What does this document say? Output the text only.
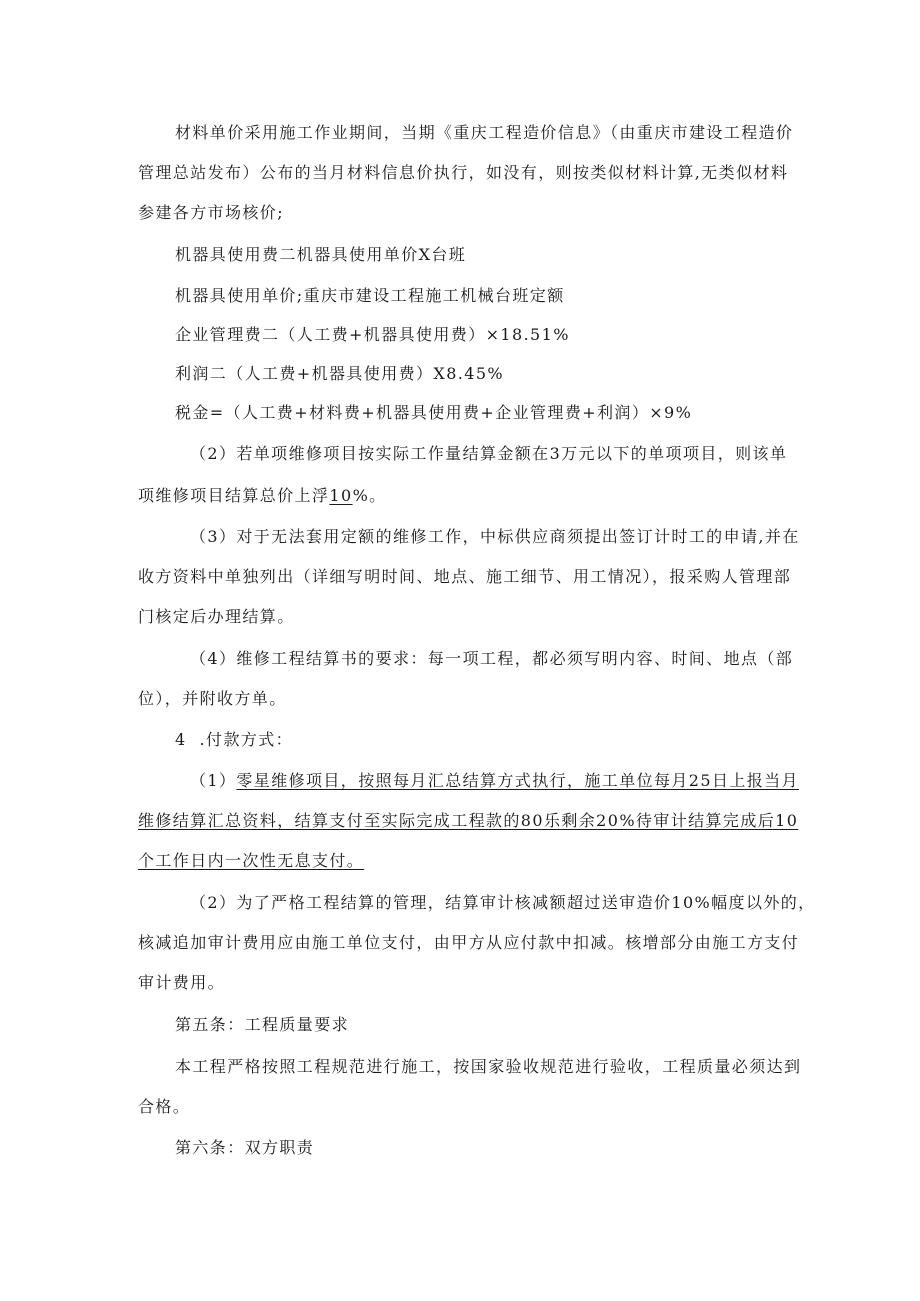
材料单价采用施工作业期间，当期《重庆工程造价信息》（由重庆市建设工程造价
管理总站发布）公布的当月材料信息价执行，如没有，则按类似材料计算,无类似材料
参建各方市场核价;
机器具使用费二机器具使用单价X台班
机器具使用单价;重庆市建设工程施工机械台班定额
企业管理费二（人工费+机器具使用费）×18.51%
利润二（人工费+机器具使用费）X8.45%
税金=（人工费+材料费+机器具使用费+企业管理费+利润）×9%
（2）若单项维修项目按实际工作量结算金额在3万元以下的单项项目，则该单
项维修项目结算总价上浮10%。
（3）对于无法套用定额的维修工作，中标供应商须提出签订计时工的申请,并在
收方资料中单独列出（详细写明时间、地点、施工细节、用工情况），报采购人管理部
门核定后办理结算。
（4）维修工程结算书的要求：每一项工程，都必须写明内容、时间、地点（部
位），并附收方单。
4  .付款方式：
（1）零星维修项目，按照每月汇总结算方式执行，施工单位每月25日上报当月
维修结算汇总资料，结算支付至实际完成工程款的80乐剩余20%待审计结算完成后10
个工作日内一次性无息支付。
（2）为了严格工程结算的管理，结算审计核减额超过送审造价10%幅度以外的，
核减追加审计费用应由施工单位支付，由甲方从应付款中扣减。核增部分由施工方支付
审计费用。
第五条：工程质量要求
本工程严格按照工程规范进行施工，按国家验收规范进行验收，工程质量必须达到
合格。
第六条：双方职责
